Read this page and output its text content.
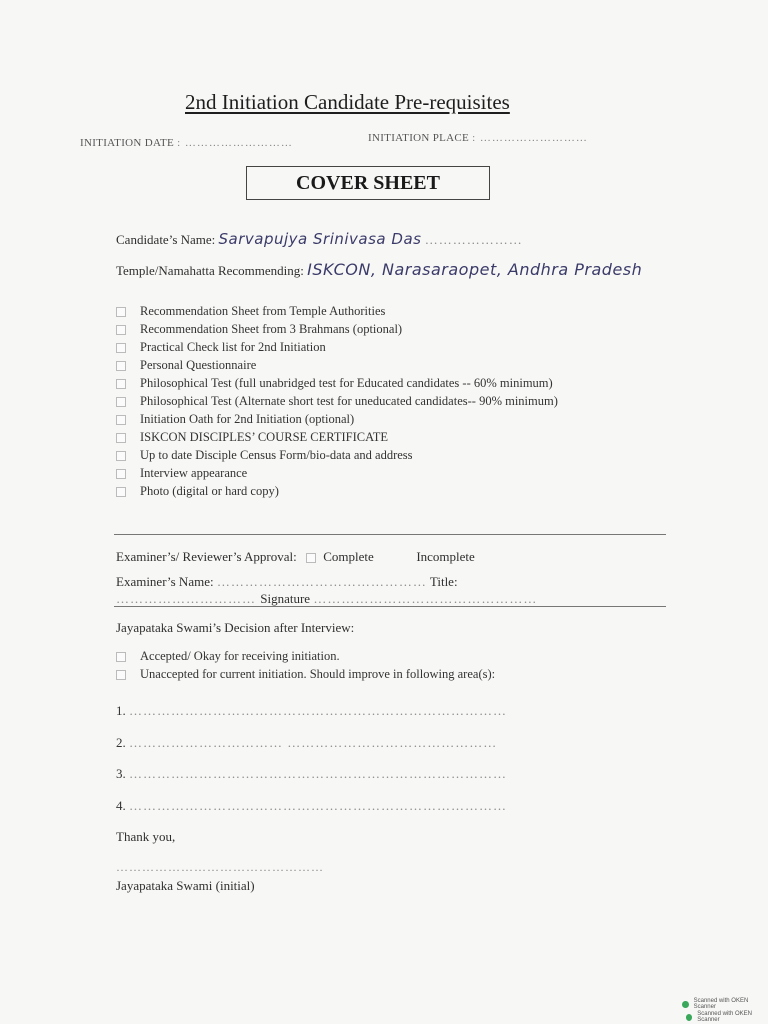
2nd Initiation Candidate Pre-requisites
INITIATION DATE : ………………………	INITIATION PLACE : ………………………
COVER SHEET
Candidate’s Name: Sarvapujya Srinivasa Das …………………
Temple/Namahatta Recommending: ISKCON, Narasaraopet, Andhra Pradesh
Recommendation Sheet from Temple Authorities
Recommendation Sheet from 3 Brahmans (optional)
Practical Check list for 2nd Initiation
Personal Questionnaire
Philosophical Test (full unabridged test for Educated candidates -- 60% minimum)
Philosophical Test (Alternate short test for uneducated candidates-- 90% minimum)
Initiation Oath for 2nd Initiation (optional)
ISKCON DISCIPLES’ COURSE CERTIFICATE
Up to date Disciple Census Form/bio-data and address
Interview appearance
Photo (digital or hard copy)
Examiner’s/ Reviewer’s Approval: Complete	Incomplete
Examiner’s Name: ……………………………………… Title:
………………………… Signature …………………………………………
Jayapataka Swami’s Decision after Interview:
Accepted/ Okay for receiving initiation.
Unaccepted for current initiation. Should improve in following area(s):
1. ………………………………………………………………………
2. …………………………… ………………………………………
3. ………………………………………………………………………
4. ………………………………………………………………………
Thank you,
…………………………………………
Jayapataka Swami (initial)
Scanned with OKEN Scanner
Scanned with OKEN Scanner
